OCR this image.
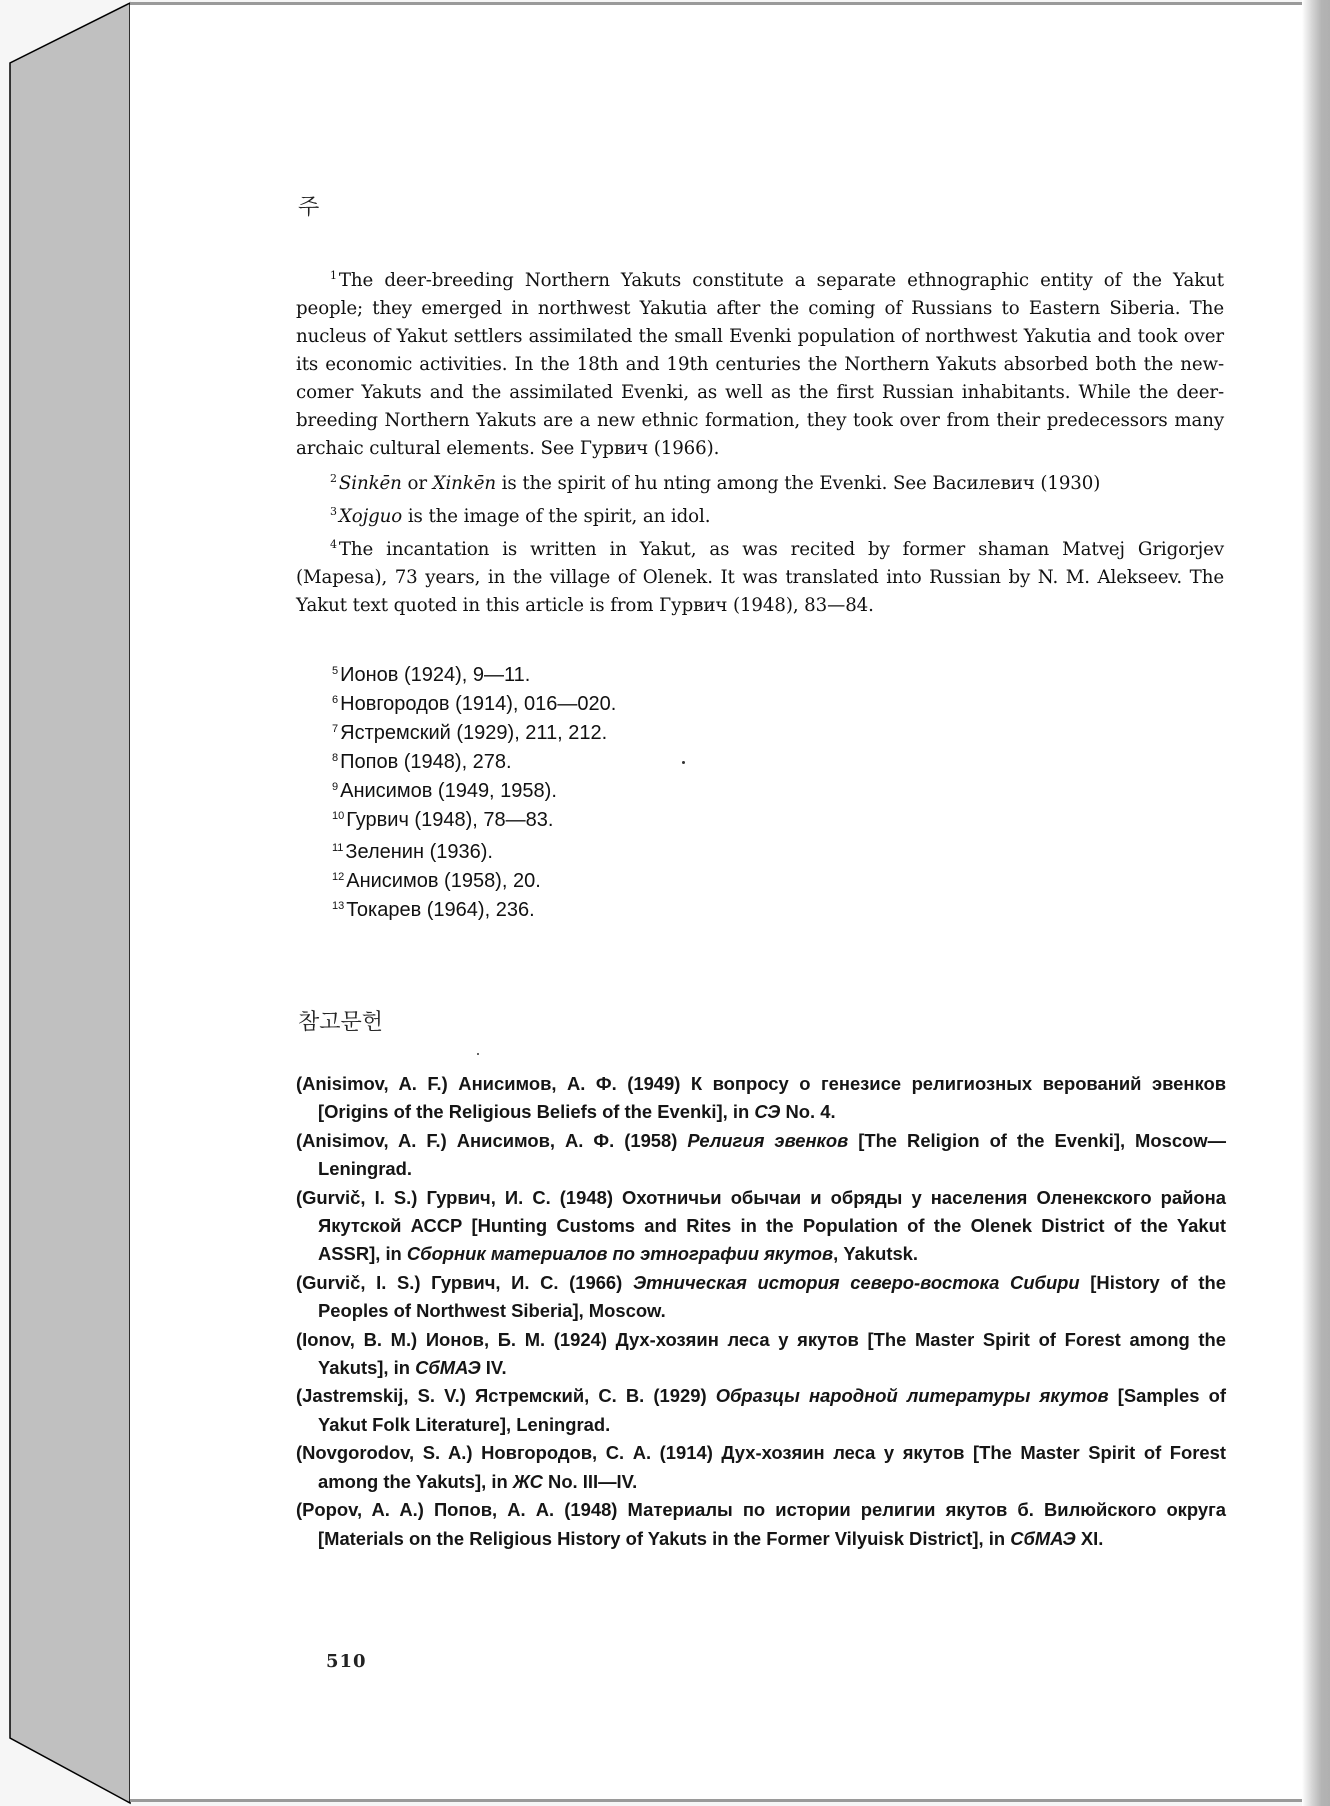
주

$^1$ The deer-breeding Northern Yakuts constitute a separate ethnographic entity of the Yakut people; they emerged in northwest Yakutia after the coming of Russians to Eastern Siberia. The nucleus of Yakut settlers assimilated the small Evenki population of northwest Yakutia and took over its economic activities. In the 18th and 19th centuries the Northern Yakuts absorbed both the new-comer Yakuts and the assimilated Evenki, as well as the first Russian inhabitants. While the deer-breeding Northern Yakuts are a new ethnic formation, they took over from their predecessors many archaic cultural elements. See Гурвич (1966).

$^2$ Sinkēn or Xinkēn is the spirit of hu nting among the Evenki. See Василевич (1930)

$^3$ Xojguo is the image of the spirit, an idol.

$^4$ The incantation is written in Yakut, as was recited by former shaman Matvej Grigorjev (Mapesa), 73 years, in the village of Olenek. It was translated into Russian by N. M. Alekseev. The Yakut text quoted in this article is from Гурвич (1948), 83—84.

$^5$ Ионов (1924), 9—11.
$^6$ Новгородов (1914), 016—020.
$^7$ Ястремский (1929), 211, 212.
$^8$ Попов (1948), 278.
$^9$ Анисимов (1949, 1958).
$^{10}$ Гурвич (1948), 78—83.
$^{11}$ Зеленин (1936).
$^{12}$ Анисимов (1958), 20.
$^{13}$ Токарев (1964), 236.
참고문헌

(Anisimov, A. F.) Анисимов, А. Ф. (1949) К вопросу о генезисе религиозных верований эвенков [Origins of the Religious Beliefs of the Evenki], in СЭ No. 4.

(Anisimov, A. F.) Анисимов, А. Ф. (1958) Религия эвенков [The Religion of the Evenki], Moscow—Leningrad.

(Gurvič, I. S.) Гурвич, И. С. (1948) Охотничьи обычаи и обряды у населения Оленекского района Якутской АССР [Hunting Customs and Rites in the Population of the Olenek District of the Yakut ASSR], in Сборник материалов по этнографии якутов, Yakutsk.

(Gurvič, I. S.) Гурвич, И. С. (1966) Этническая история северо-востока Сибири [History of the Peoples of Northwest Siberia], Moscow.

(Ionov, B. M.) Ионов, Б. М. (1924) Дух-хозяин леса у якутов [The Master Spirit of Forest among the Yakuts], in СбМАЭ IV.

(Jastremskij, S. V.) Ястремский, С. В. (1929) Образцы народной литературы якутов [Samples of Yakut Folk Literature], Leningrad.

(Novgorodov, S. A.) Новгородов, С. А. (1914) Дух-хозяин леса у якутов [The Master Spirit of Forest among the Yakuts], in ЖС No. III—IV.

(Popov, A. A.) Попов, А. А. (1948) Материалы по истории религии якутов б. Вилюйского округа [Materials on the Religious History of Yakuts in the Former Vilyuisk District], in СбМАЭ XI.

510
